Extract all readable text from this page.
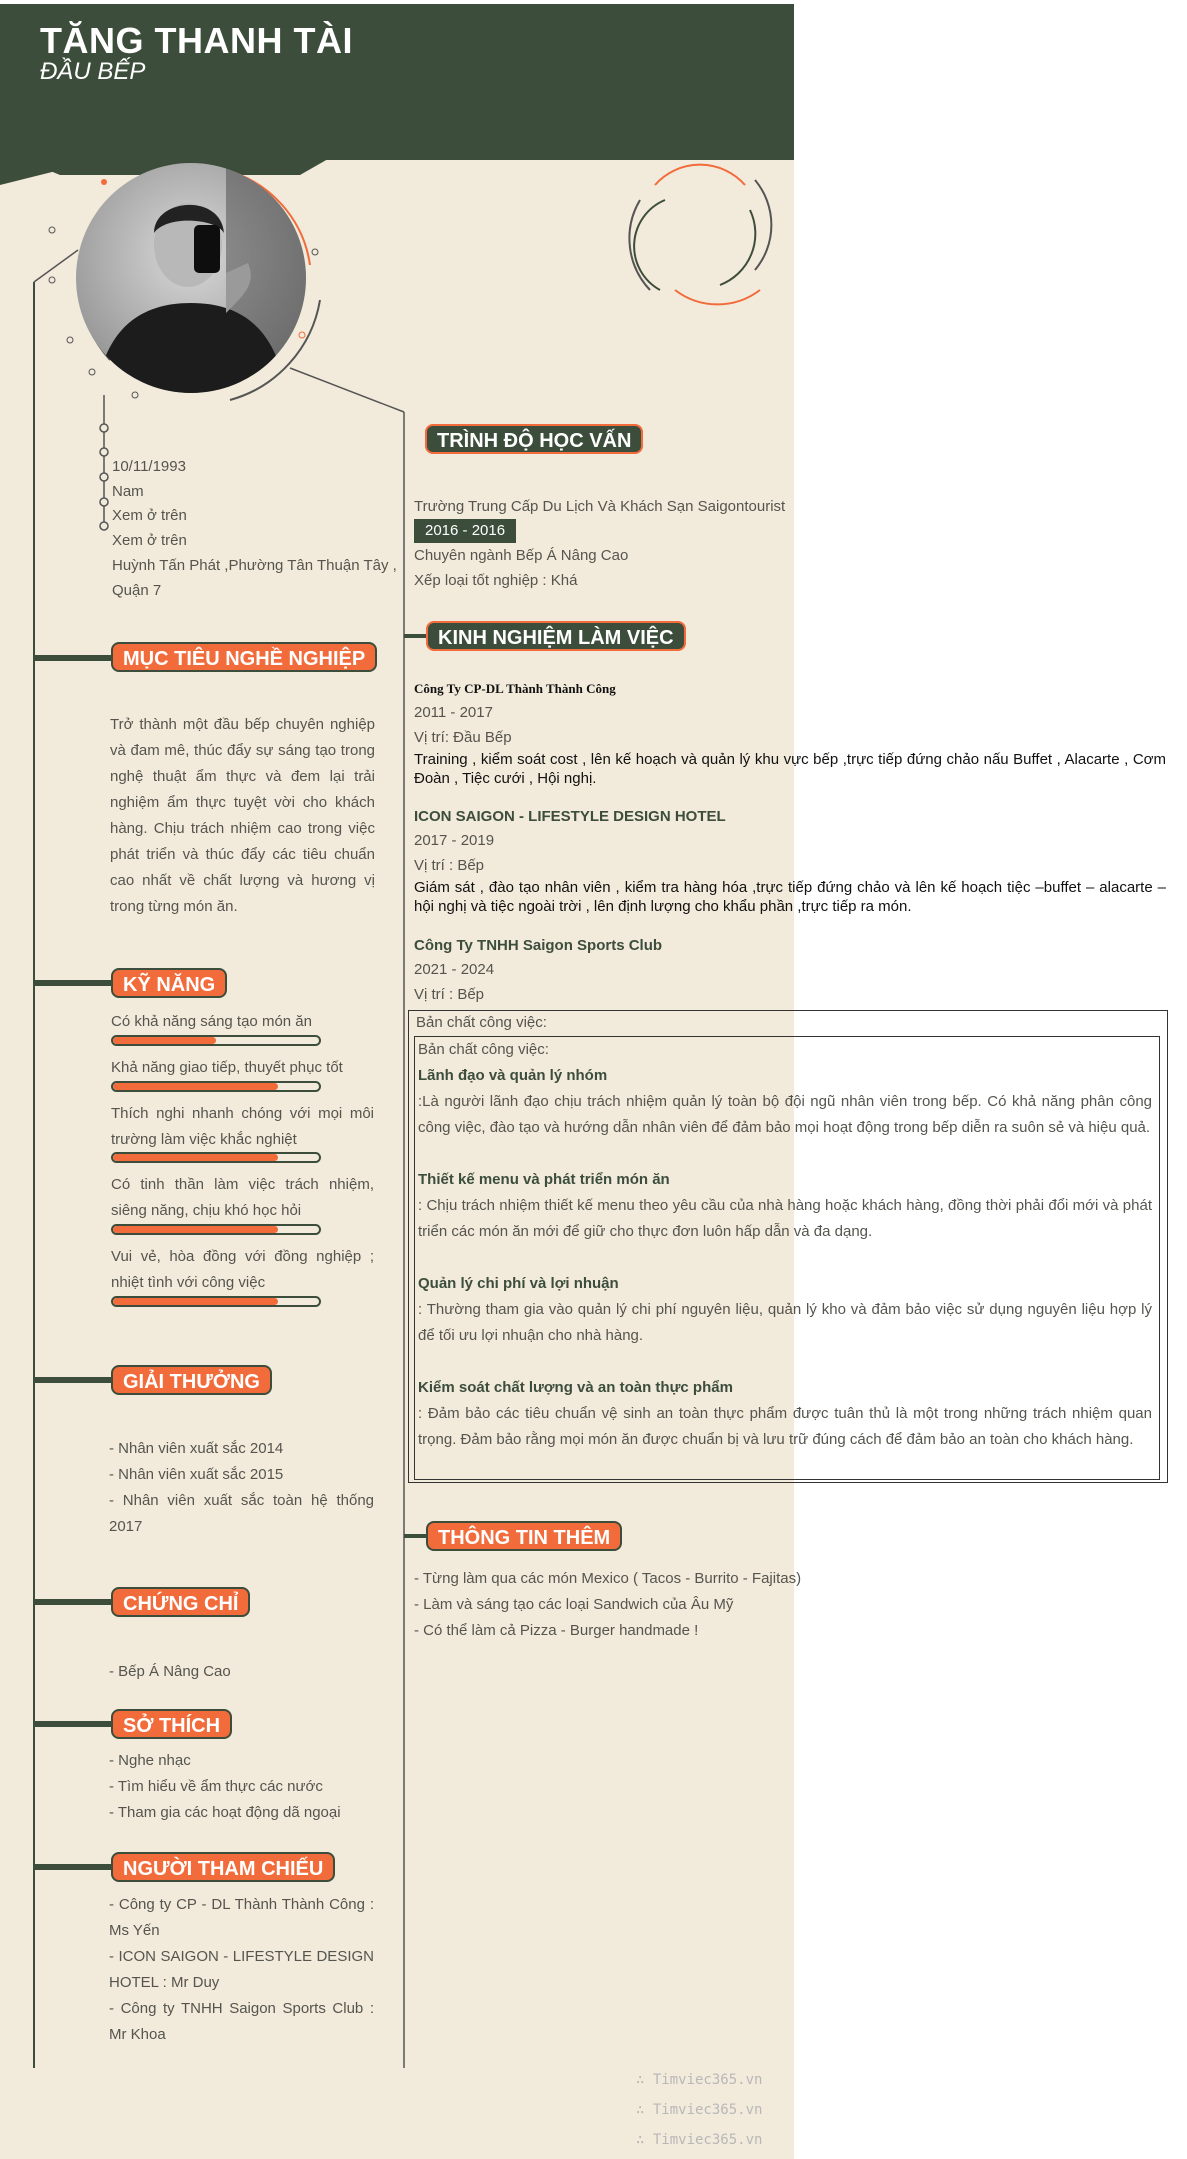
TĂNG THANH TÀI
ĐẦU BẾP
10/11/1993
Nam
Xem ở trên
Xem ở trên
Huỳnh Tấn Phát ,Phường Tân Thuận Tây ,
Quận 7
MỤC TIÊU NGHỀ NGHIỆP
Trở thành một đầu bếp chuyên nghiệp và đam mê, thúc đẩy sự sáng tạo trong nghệ thuật ẩm thực và đem lại trải nghiệm ẩm thực tuyệt vời cho khách hàng. Chịu trách nhiệm cao trong việc phát triển và thúc đẩy các tiêu chuẩn cao nhất về chất lượng và hương vị trong từng món ăn.
KỸ NĂNG
Có khả năng sáng tạo món ăn
Khả năng giao tiếp, thuyết phục tốt
Thích nghi nhanh chóng với mọi môi trường làm việc khắc nghiệt
Có tinh thần làm việc trách nhiệm, siêng năng, chịu khó học hỏi
Vui vẻ, hòa đồng với đồng nghiệp ; nhiệt tình với công việc
GIẢI THƯỞNG
- Nhân viên xuất sắc 2014
- Nhân viên xuất sắc 2015
- Nhân viên xuất sắc toàn hệ thống 2017
CHỨNG CHỈ
- Bếp Á Nâng Cao
SỞ THÍCH
- Nghe nhạc
- Tìm hiểu về ẩm thực các nước
- Tham gia các hoạt động dã ngoại
NGƯỜI THAM CHIẾU
- Công ty CP - DL Thành Thành Công : Ms Yến
- ICON SAIGON - LIFESTYLE DESIGN HOTEL : Mr Duy
- Công ty TNHH Saigon Sports Club : Mr Khoa
TRÌNH ĐỘ HỌC VẤN
Trường Trung Cấp Du Lịch Và Khách Sạn Saigontourist
2016 - 2016
Chuyên ngành Bếp Á Nâng Cao
Xếp loại tốt nghiệp : Khá
KINH NGHIỆM LÀM VIỆC
Công Ty CP-DL Thành Thành Công
2011 - 2017
Vị trí: Đầu Bếp
Training , kiểm soát cost , lên kế hoạch và quản lý khu vực bếp ,trực tiếp đứng chảo nấu Buffet , Alacarte , Cơm Đoàn , Tiệc cưới , Hội nghị.
ICON SAIGON - LIFESTYLE DESIGN HOTEL
2017 - 2019
Vị trí : Bếp
Giám sát , đào tạo nhân viên , kiểm tra hàng hóa ,trực tiếp đứng chảo và lên kế hoạch tiệc –buffet – alacarte – hội nghị và tiệc ngoài trời , lên định lượng cho khẩu phần ,trực tiếp ra món.
Công Ty TNHH Saigon Sports Club
2021 - 2024
Vị trí : Bếp
Bản chất công việc:
Bản chất công việc:
Lãnh đạo và quản lý nhóm
:Là người lãnh đạo chịu trách nhiệm quản lý toàn bộ đội ngũ nhân viên trong bếp. Có khả năng phân công công việc, đào tạo và hướng dẫn nhân viên để đảm bảo mọi hoạt động trong bếp diễn ra suôn sẻ và hiệu quả.
Thiết kế menu và phát triển món ăn
: Chịu trách nhiệm thiết kế menu theo yêu cầu của nhà hàng hoặc khách hàng, đồng thời phải đổi mới và phát triển các món ăn mới để giữ cho thực đơn luôn hấp dẫn và đa dạng.
Quản lý chi phí và lợi nhuận
: Thường tham gia vào quản lý chi phí nguyên liệu, quản lý kho và đảm bảo việc sử dụng nguyên liệu hợp lý để tối ưu lợi nhuận cho nhà hàng.
Kiểm soát chất lượng và an toàn thực phẩm
: Đảm bảo các tiêu chuẩn vệ sinh an toàn thực phẩm được tuân thủ là một trong những trách nhiệm quan trọng. Đảm bảo rằng mọi món ăn được chuẩn bị và lưu trữ đúng cách để đảm bảo an toàn cho khách hàng.
THÔNG TIN THÊM
- Từng làm qua các món Mexico ( Tacos - Burrito - Fajitas)
- Làm và sáng tạo các loại Sandwich của Âu Mỹ
- Có thể làm cả Pizza - Burger handmade !
∴ Timviec365.vn
∴ Timviec365.vn
∴ Timviec365.vn
